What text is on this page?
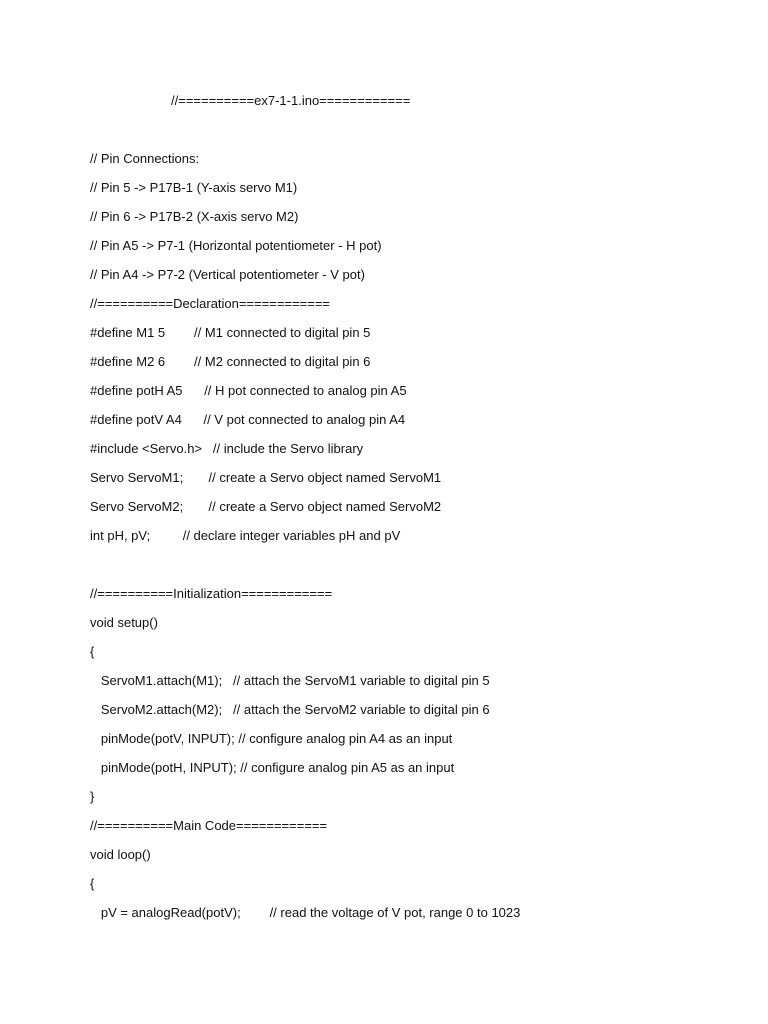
//==========ex7-1-1.ino============
// Pin Connections:
// Pin 5 -> P17B-1 (Y-axis servo M1)
// Pin 6 -> P17B-2 (X-axis servo M2)
// Pin A5 -> P7-1 (Horizontal potentiometer - H pot)
// Pin A4 -> P7-2 (Vertical potentiometer - V pot)
//==========Declaration============
#define M1 5        // M1 connected to digital pin 5
#define M2 6        // M2 connected to digital pin 6
#define potH A5      // H pot connected to analog pin A5
#define potV A4      // V pot connected to analog pin A4
#include <Servo.h>   // include the Servo library
Servo ServoM1;       // create a Servo object named ServoM1
Servo ServoM2;       // create a Servo object named ServoM2
int pH, pV;         // declare integer variables pH and pV
//==========Initialization============
void setup()
{
ServoM1.attach(M1);   // attach the ServoM1 variable to digital pin 5
ServoM2.attach(M2);   // attach the ServoM2 variable to digital pin 6
pinMode(potV, INPUT); // configure analog pin A4 as an input
pinMode(potH, INPUT); // configure analog pin A5 as an input
}
//==========Main Code============
void loop()
{
pV = analogRead(potV);        // read the voltage of V pot, range 0 to 1023
